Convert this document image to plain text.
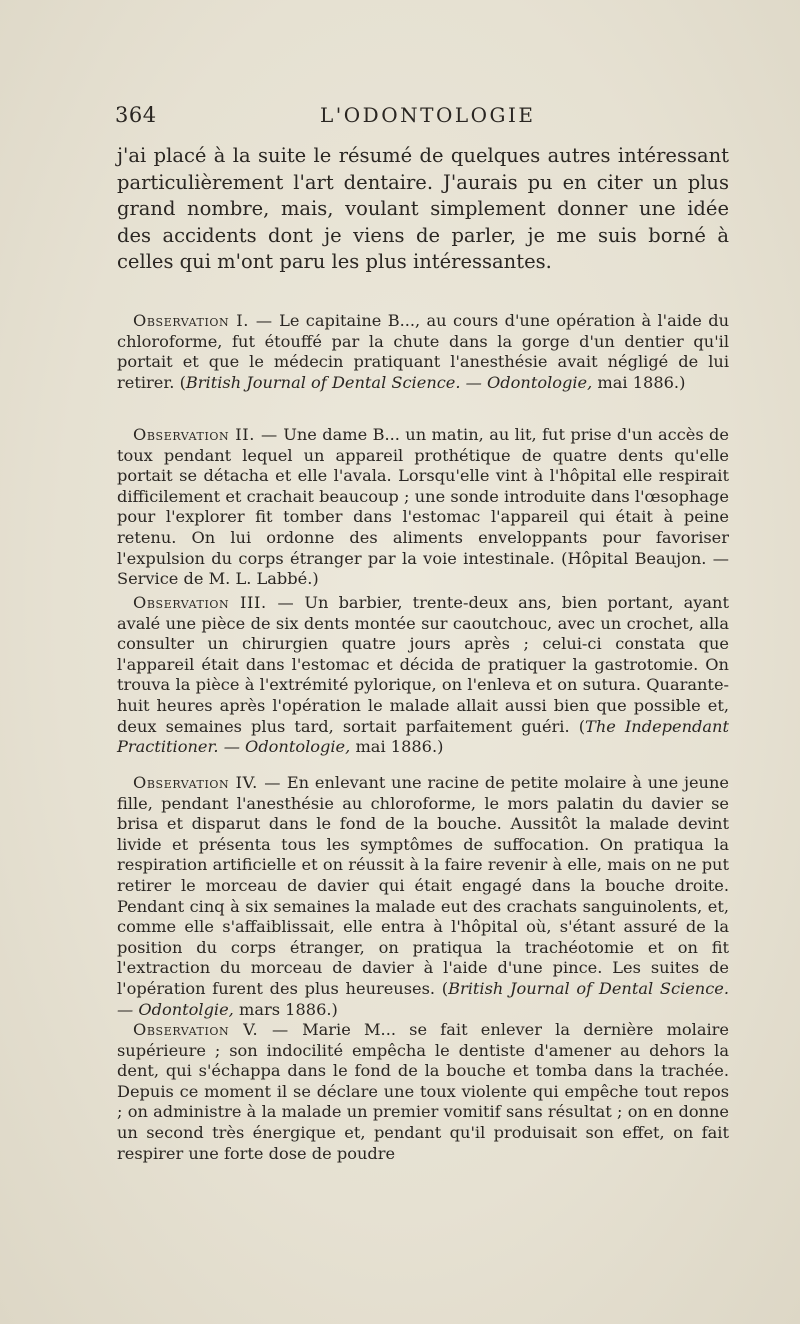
364	L'ODONTOLOGIE

j'ai placé à la suite le résumé de quelques autres intéressant particulièrement l'art dentaire. J'aurais pu en citer un plus grand nombre, mais, voulant simplement donner une idée des accidents dont je viens de parler, je me suis borné à celles qui m'ont paru les plus intéressantes.

Observation I. — Le capitaine B..., au cours d'une opération à l'aide du chloroforme, fut étouffé par la chute dans la gorge d'un dentier qu'il portait et que le médecin pratiquant l'anesthésie avait négligé de lui retirer. (British Journal of Dental Science. — Odontologie, mai 1886.)

Observation II. — Une dame B... un matin, au lit, fut prise d'un accès de toux pendant lequel un appareil prothétique de quatre dents qu'elle portait se détacha et elle l'avala. Lorsqu'elle vint à l'hôpital elle respirait difficilement et crachait beaucoup ; une sonde introduite dans l'œsophage pour l'explorer fit tomber dans l'estomac l'appareil qui était à peine retenu. On lui ordonne des aliments enveloppants pour favoriser l'expulsion du corps étranger par la voie intestinale. (Hôpital Beaujon. — Service de M. L. Labbé.)

Observation III. — Un barbier, trente-deux ans, bien portant, ayant avalé une pièce de six dents montée sur caoutchouc, avec un crochet, alla consulter un chirurgien quatre jours après ; celui-ci constata que l'appareil était dans l'estomac et décida de pratiquer la gastrotomie. On trouva la pièce à l'extrémité pylorique, on l'enleva et on sutura. Quarante-huit heures après l'opération le malade allait aussi bien que possible et, deux semaines plus tard, sortait parfaitement guéri. (The Independant Practitioner. — Odontologie, mai 1886.)

Observation IV. — En enlevant une racine de petite molaire à une jeune fille, pendant l'anesthésie au chloroforme, le mors palatin du davier se brisa et disparut dans le fond de la bouche. Aussitôt la malade devint livide et présenta tous les symptômes de suffocation. On pratiqua la respiration artificielle et on réussit à la faire revenir à elle, mais on ne put retirer le morceau de davier qui était engagé dans la bouche droite. Pendant cinq à six semaines la malade eut des crachats sanguinolents, et, comme elle s'affaiblissait, elle entra à l'hôpital où, s'étant assuré de la position du corps étranger, on pratiqua la trachéotomie et on fit l'extraction du morceau de davier à l'aide d'une pince. Les suites de l'opération furent des plus heureuses. (British Journal of Dental Science. — Odontolgie, mars 1886.)

Observation V. — Marie M... se fait enlever la dernière molaire supérieure ; son indocilité empêcha le dentiste d'amener au dehors la dent, qui s'échappa dans le fond de la bouche et tomba dans la trachée. Depuis ce moment il se déclare une toux violente qui empêche tout repos ; on administre à la malade un premier vomitif sans résultat ; on en donne un second très énergique et, pendant qu'il produisait son effet, on fait respirer une forte dose de poudre
